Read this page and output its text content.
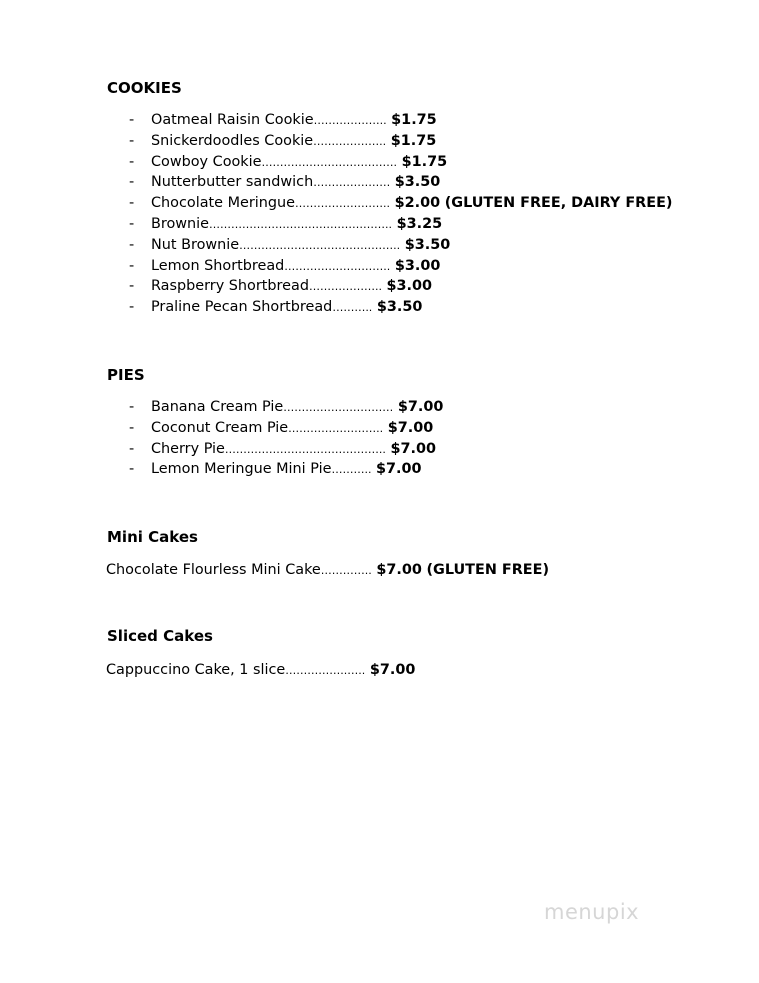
COOKIES
- Oatmeal Raisin Cookie……………….. $1.75
- Snickerdoodles Cookie……………….. $1.75
- Cowboy Cookie………………………………. $1.75
- Nutterbutter sandwich………………… $3.50
- Chocolate Meringue…………………….. $2.00 (GLUTEN FREE, DAIRY FREE)
- Brownie………………………………………….. $3.25
- Nut Brownie…………………………………….. $3.50
- Lemon Shortbread……………………….. $3.00
- Raspberry Shortbread……………….. $3.00
- Praline Pecan Shortbread……….. $3.50
PIES
- Banana Cream Pie………………………… $7.00
- Coconut Cream Pie…………………….. $7.00
- Cherry Pie…………………………………….. $7.00
- Lemon Meringue Mini Pie……….. $7.00
Mini Cakes
Chocolate Flourless Mini Cake………….. $7.00 (GLUTEN FREE)
Sliced Cakes
Cappuccino Cake, 1 slice……………..….. $7.00
menupix
